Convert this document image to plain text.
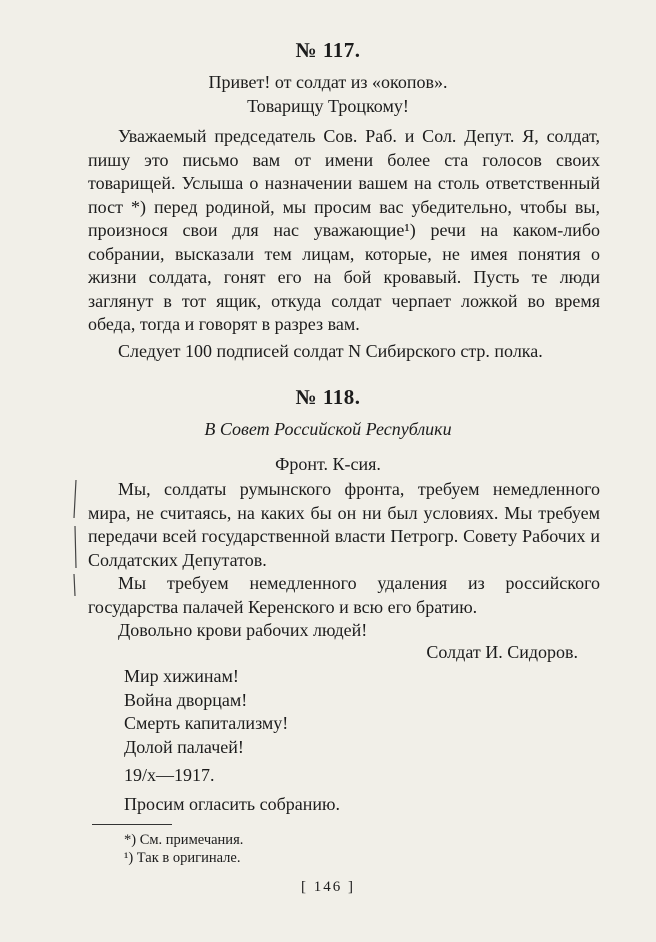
№ 117.
Привет! от солдат из «окопов».
Товарищу Троцкому!
Уважаемый председатель Сов. Раб. и Сол. Депут. Я, солдат, пишу это письмо вам от имени более ста голосов своих товарищей. Услыша о назначении вашем на столь ответственный пост *) перед родиной, мы просим вас убедительно, чтобы вы, произнося свои для нас уважающие¹) речи на каком-либо собрании, высказали тем лицам, которые, не имея понятия о жизни солдата, гонят его на бой кровавый. Пусть те люди заглянут в тот ящик, откуда солдат черпает ложкой во время обеда, тогда и говорят в разрез вам.
Следует 100 подписей солдат N Сибирского стр. полка.
№ 118.
В Совет Российской Республики
Фронт. К-сия.
Мы, солдаты румынского фронта, требуем немедленного мира, не считаясь, на каких бы он ни был условиях. Мы требуем передачи всей государственной власти Петрогр. Совету Рабочих и Солдатских Депутатов.
Мы требуем немедленного удаления из российского государства палачей Керенского и всю его братию.
Довольно крови рабочих людей!
Солдат И. Сидоров.
Мир хижинам!
Война дворцам!
Смерть капитализму!
Долой палачей!
19/х—1917.
Просим огласить собранию.
*) См. примечания.
¹) Так в оригинале.
[ 146 ]
